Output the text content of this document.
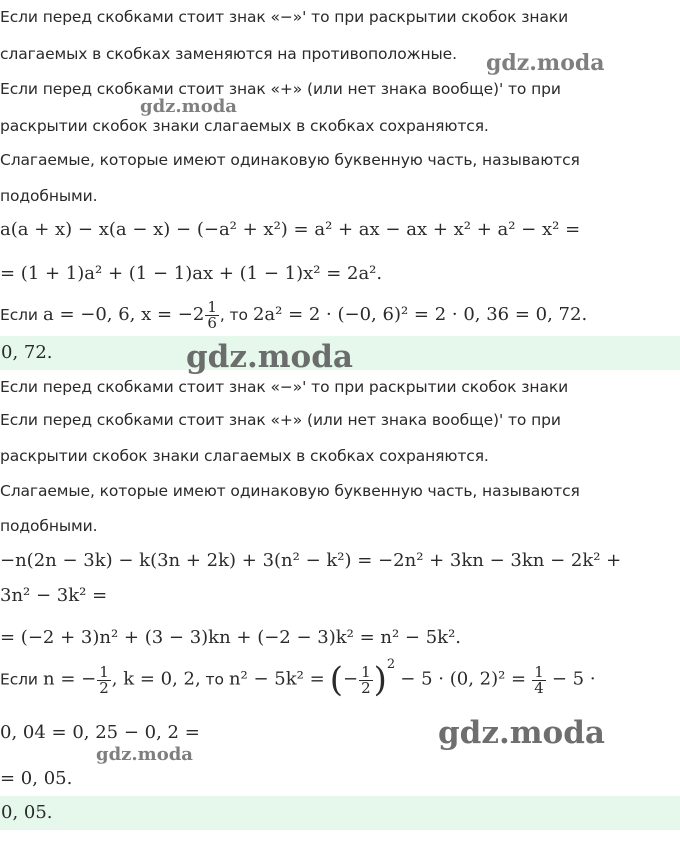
Если перед скобками стоит знак «−»' то при раскрытии скобок знаки
слагаемых в скобках заменяются на противоположные.
Если перед скобками стоит знак «+» (или нет знака вообще)' то при
раскрытии скобок знаки слагаемых в скобках сохраняются.
Слагаемые, которые имеют одинаковую буквенную часть, называются
подобными.
a(a + x) − x(a − x) − (−a² + x²) = a² + ax − ax + x² + a² − x² =
= (1 + 1)a² + (1 − 1)ax + (1 − 1)x² = 2a².
Если a = −0, 6, $x = -2 \frac{1}{6}$ , то 2a² = 2 · (−0, 6)² = 2 · 0, 36 = 0, 72.
0, 72.
Если перед скобками стоит знак «−»' то при раскрытии скобок знаки
Если перед скобками стоит знак «+» (или нет знака вообще)' то при
раскрытии скобок знаки слагаемых в скобках сохраняются.
Слагаемые, которые имеют одинаковую буквенную часть, называются
подобными.
−n(2n − 3k) − k(3n + 2k) + 3(n² − k²) = −2n² + 3kn − 3kn − 2k² +
3n² − 3k² =
= (−2 + 3)n² + (3 − 3)kn + (−2 − 3)k² = n² − 5k².
Если n = − $\frac{1}{2}$ , k = 0, 2, то n² − 5k² = (− $\frac{1}{2} )^2 - 5 \cdot (0$, $2)^2 = \frac{1}{4} - 5$ ·
0, 04 = 0, 25 − 0, 2 =
= 0, 05.
0, 05.
gdz.moda
gdz.moda
gdz.moda
gdz.moda
gdz.moda
